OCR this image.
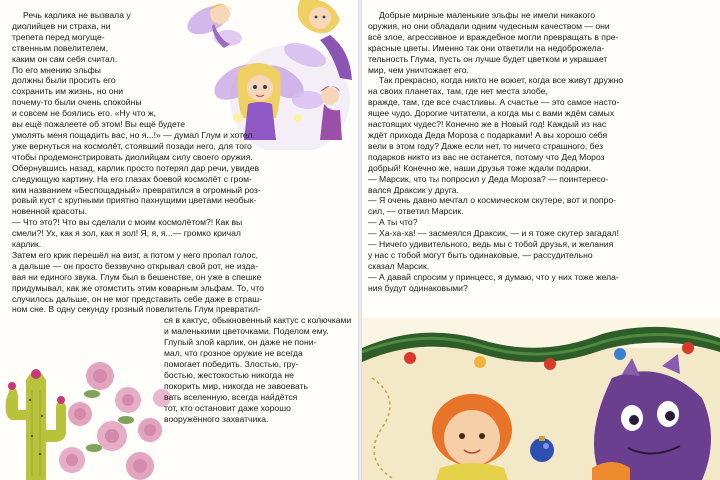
Речь карлика не вызвала у
диолийцев ни страха, ни
трепета перед могуще-
ственным повелителем,
каким он сам себя считал.
По его мнению эльфы
должны были просить его
сохранить им жизнь, но они
почему-то были очень спокойны
и совсем не боялись его. «Ну что ж,
вы ещё пожалеете об этом! Вы ещё будете
умолять меня пощадить вас, но я...!» — думал Глум и хотел
уже вернуться на космолёт, стоявший позади него, для того
чтобы продемонстрировать диолийцам силу своего оружия.
Обернувшись назад, карлик просто потерял дар речи, увидев
следующую картину. На его глазах боевой космолёт с гром-
ким названием «Беспощадный» превратился в огромный роз-
ровый куст с крупными приятно пахнущими цветами необык-
новенной красоты.
— Что это?! Что вы сделали с моим космолётом?! Как вы
смели?! Ух, как я зол, как я зол! Я, я, я...— громко кричал
карлик.
Затем его крик перешёл на визг, а потом у него пропал голос,
а дальше — он просто беззвучно открывал свой рот, не изда-
вая ни единого звука. Глум был в бешенстве, он уже в спешке
придумывал, как же отомстить этим коварным эльфам. То, что
случилось дальше, он не мог представить себе даже в страш-
ном сне. В одну секунду грозный повелитель Глум превратил-
ся в кактус, обыкновенный кактус с колючками
и маленькими цветочками. Поделом ему.
Глупый злой карлик, он даже не пони-
мал, что грозное оружие не всегда
помогает победить. Злостью, гру-
бостью, жестокостью никогда не
покорить мир, никогда не завоевать
вать вселенную, всегда найдётся
тот, кто остановит даже хорошо
вооружённого захватчика.

Добрые мирные маленькие эльфы не имели никакого
оружия, но они обладали одним чудесным качеством — они
всё злое, агрессивное и враждебное могли превращать в пре-
красные цветы. Именно так они ответили на недоброжела-
тельность Глума, пусть он лучше будет цветком и украшает
мир, чем уничтожает его.
Так прекрасно, когда никто не воюет, когда все живут дружно
на своих планетах, там, где нет места злобе,
вражде, там, где все счастливы. А счастье — это самое насто-
ящее чудо. Дорогие читатели, а когда мы с вами ждём самых
настоящих чудес?! Конечно же в Новый год! Каждый из нас
ждёт прихода Деда Мороза с подарками! А вы хорошо себя
вели в этом году? Даже если нет, то ничего страшного, без
подарков никто из вас не останется, потому что Дед Мороз
добрый! Конечно же, наши друзья тоже ждали подарки.
— Марсик, что ты попросил у Деда Мороза? — поинтересо-
вался Драксик у друга.
— Я очень давно мечтал о космическом скутере, вот и попро-
сил, — ответил Марсик.
— А ты что?
— Ха-ха-ха! — засмеялся Драксик, — и я тоже скутер загадал!
— Ничего удивительного, ведь мы с тобой друзья, и желания
у нас с тобой могут быть одинаковые, — рассудительно
сказал Марсик.
— А давай спросим у принцесс, я думаю, что у них тоже жела-
ния будут одинаковыми?
